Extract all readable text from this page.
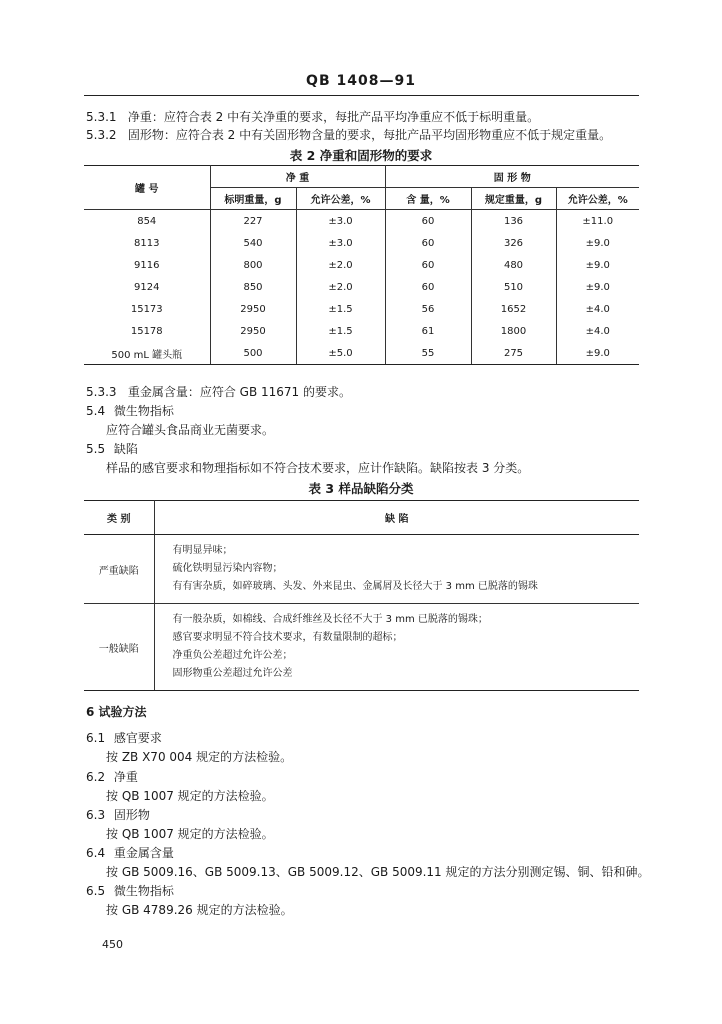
QB 1408—91
5.3.1 净重：应符合表 2 中有关净重的要求，每批产品平均净重应不低于标明重量。
5.3.2 固形物：应符合表 2 中有关固形物含量的要求，每批产品平均固形物重应不低于规定重量。
表 2 净重和固形物的要求
罐 号	净 重		固 形 物		
	标明重量，g	允许公差，%	含 量，%	规定重量，g	允许公差，%
854	227	±3.0	60	136	±11.0
8113	540	±3.0	60	326	±9.0
9116	800	±2.0	60	480	±9.0
9124	850	±2.0	60	510	±9.0
15173	2950	±1.5	56	1652	±4.0
15178	2950	±1.5	61	1800	±4.0
500 mL 罐头瓶	500	±5.0	55	275	±9.0
5.3.3 重金属含量：应符合 GB 11671 的要求。
5.4 微生物指标
应符合罐头食品商业无菌要求。
5.5 缺陷
样品的感官要求和物理指标如不符合技术要求，应计作缺陷。缺陷按表 3 分类。
表 3 样品缺陷分类
类 别	缺 陷
严重缺陷	有明显异味；
硫化铁明显污染内容物；
有有害杂质，如碎玻璃、头发、外来昆虫、金属屑及长径大于 3 mm 已脱落的锡珠

一般缺陷	有一般杂质，如棉线、合成纤维丝及长径不大于 3 mm 已脱落的锡珠；
感官要求明显不符合技术要求，有数量限制的超标；
净重负公差超过允许公差；
固形物重公差超过允许公差
6 试验方法
6.1 感官要求
按 ZB X70 004 规定的方法检验。
6.2 净重
按 QB 1007 规定的方法检验。
6.3 固形物
按 QB 1007 规定的方法检验。
6.4 重金属含量
按 GB 5009.16、GB 5009.13、GB 5009.12、GB 5009.11 规定的方法分别测定锡、铜、铅和砷。
6.5 微生物指标
按 GB 4789.26 规定的方法检验。
450
